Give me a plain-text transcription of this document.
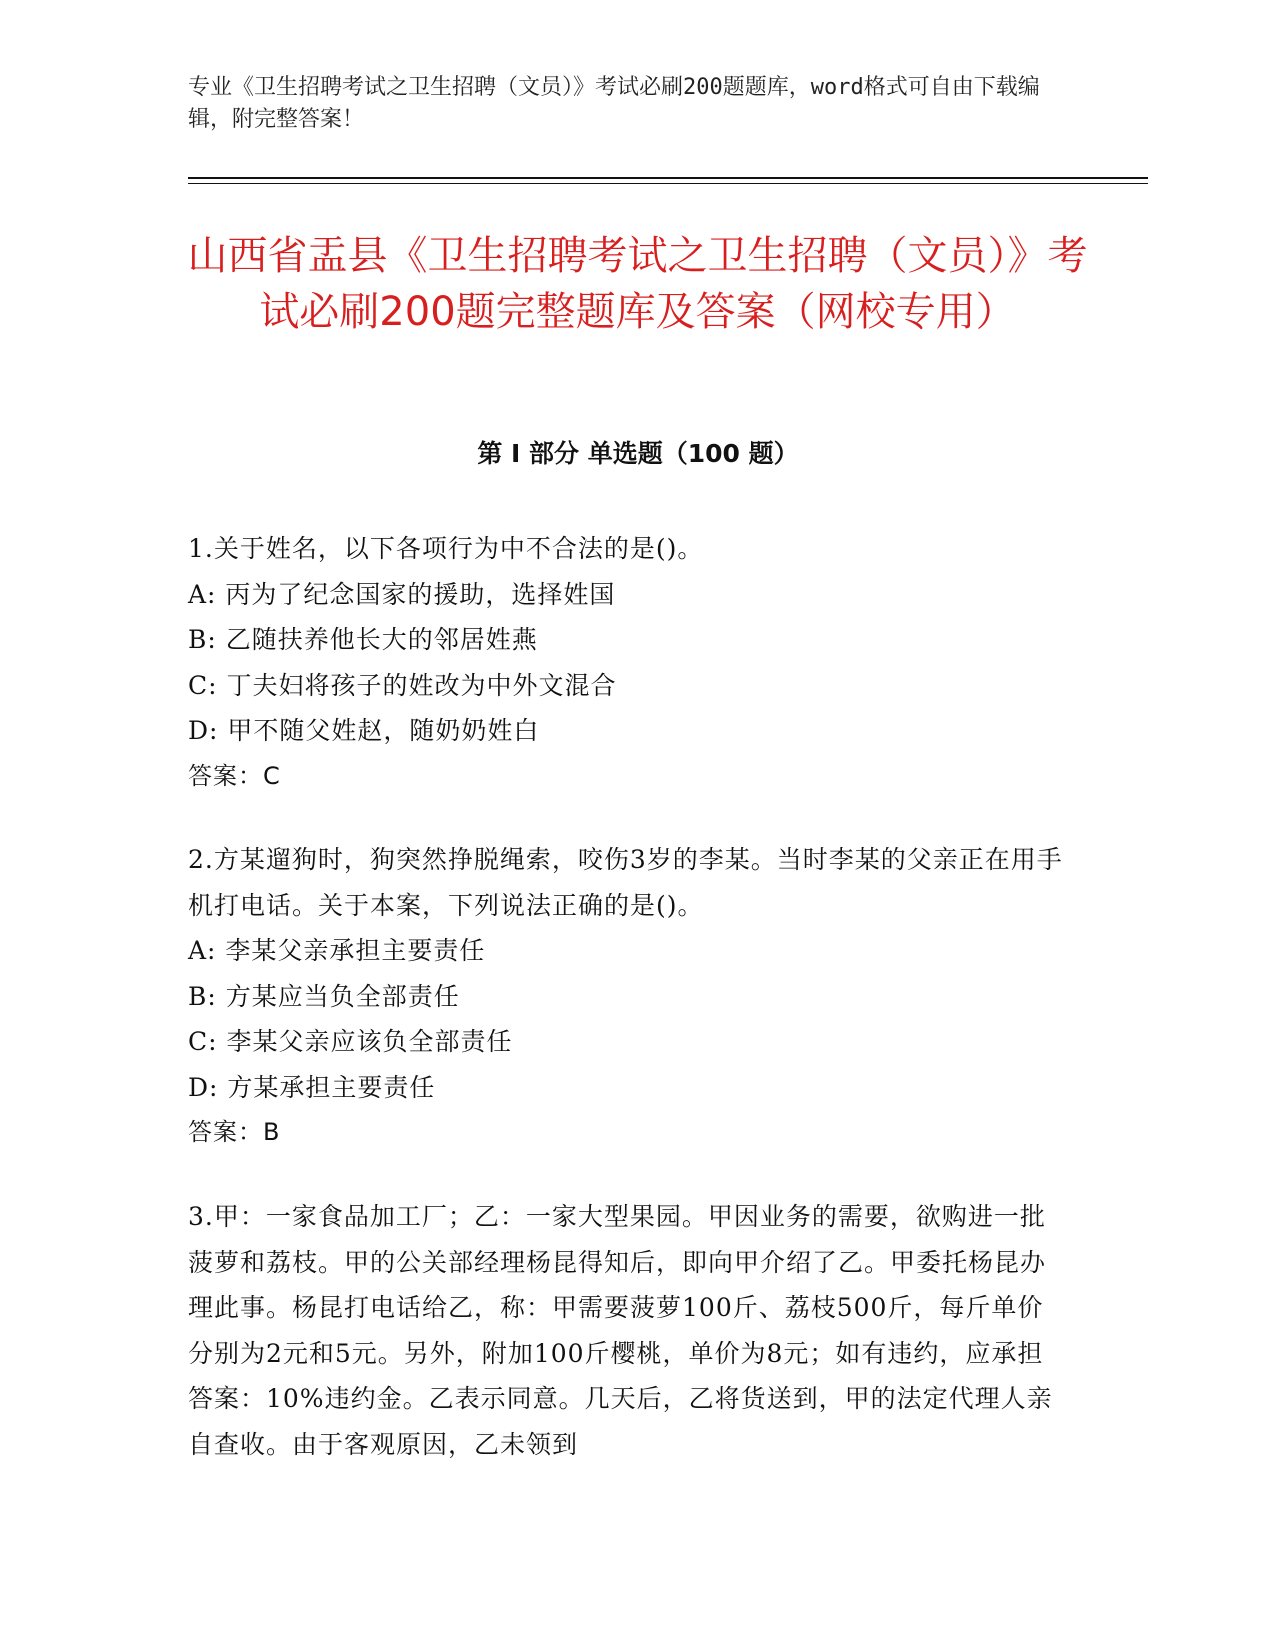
专业《卫生招聘考试之卫生招聘（文员）》考试必刷200题题库，word格式可自由下载编辑，附完整答案！
山西省盂县《卫生招聘考试之卫生招聘（文员）》考试必刷200题完整题库及答案（网校专用）
第 I 部分 单选题（100 题）
1.关于姓名，以下各项行为中不合法的是()。
A: 丙为了纪念国家的援助，选择姓国
B: 乙随扶养他长大的邻居姓燕
C: 丁夫妇将孩子的姓改为中外文混合
D: 甲不随父姓赵，随奶奶姓白
答案：C
2.方某遛狗时，狗突然挣脱绳索，咬伤3岁的李某。当时李某的父亲正在用手机打电话。关于本案，下列说法正确的是()。
A: 李某父亲承担主要责任
B: 方某应当负全部责任
C: 李某父亲应该负全部责任
D: 方某承担主要责任
答案：B
3.甲：一家食品加工厂；乙：一家大型果园。甲因业务的需要，欲购进一批菠萝和荔枝。甲的公关部经理杨昆得知后，即向甲介绍了乙。甲委托杨昆办理此事。杨昆打电话给乙，称：甲需要菠萝100斤、荔枝500斤，每斤单价分别为2元和5元。另外，附加100斤樱桃，单价为8元；如有违约，应承担答案：10%违约金。乙表示同意。几天后，乙将货送到，甲的法定代理人亲自查收。由于客观原因，乙未领到
